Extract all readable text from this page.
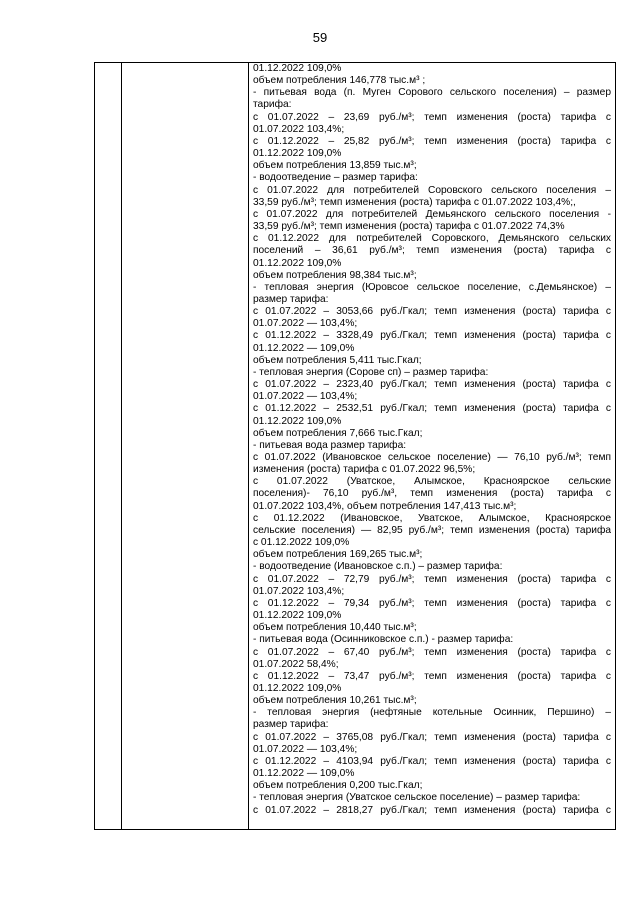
59
01.12.2022 109,0%
объем потребления 146,778 тыс.м³ ;
- питьевая вода (п. Муген Сорового сельского поселения) – размер
тарифа:
с 01.07.2022 – 23,69 руб./м³; темп изменения (роста) тарифа с
01.07.2022 103,4%;
с 01.12.2022 – 25,82 руб./м³; темп изменения (роста) тарифа с
01.12.2022 109,0%
объем потребления 13,859 тыс.м³;
- водоотведение – размер тарифа:
с 01.07.2022 для потребителей Соровского сельского поселения –
33,59 руб./м³; темп изменения (роста) тарифа с 01.07.2022 103,4%;,
с 01.07.2022 для потребителей Демьянского сельского поселения -
33,59 руб./м³; темп изменения (роста) тарифа с 01.07.2022 74,3%
с 01.12.2022 для потребителей Соровского, Демьянского сельских
поселений – 36,61 руб./м³; темп изменения (роста) тарифа с
01.12.2022 109,0%
объем потребления 98,384 тыс.м³;
- тепловая энергия (Юровсое сельское поселение, с.Демьянское) –
размер тарифа:
с 01.07.2022 – 3053,66 руб./Гкал; темп изменения (роста) тарифа с
01.07.2022 — 103,4%;
с 01.12.2022 – 3328,49 руб./Гкал; темп изменения (роста) тарифа с
01.12.2022 — 109,0%
объем потребления 5,411 тыс.Гкал;
- тепловая энергия (Сорове сп) – размер тарифа:
с 01.07.2022 – 2323,40 руб./Гкал; темп изменения (роста) тарифа с
01.07.2022 — 103,4%;
с 01.12.2022 – 2532,51 руб./Гкал; темп изменения (роста) тарифа с
01.12.2022 109,0%
объем потребления 7,666 тыс.Гкал;
- питьевая вода размер тарифа:
с 01.07.2022 (Ивановское сельское поселение) — 76,10 руб./м³; темп
изменения (роста) тарифа с 01.07.2022 96,5%;
с 01.07.2022 (Уватское, Алымское, Красноярское сельские
поселения)- 76,10 руб./м³, темп изменения (роста) тарифа с
01.07.2022 103,4%, объем потребления 147,413 тыс.м³;
с 01.12.2022 (Ивановское, Уватское, Алымское, Красноярское
сельские поселения) — 82,95 руб./м³; темп изменения (роста) тарифа
с 01.12.2022 109,0%
объем потребления 169,265 тыс.м³;
- водоотведение (Ивановское с.п.) – размер тарифа:
с 01.07.2022 – 72,79 руб./м³; темп изменения (роста) тарифа с
01.07.2022 103,4%;
с 01.12.2022 – 79,34 руб./м³; темп изменения (роста) тарифа с
01.12.2022 109,0%
объем потребления 10,440 тыс.м³;
- питьевая вода (Осинниковское с.п.) - размер тарифа:
с 01.07.2022 – 67,40 руб./м³; темп изменения (роста) тарифа с
01.07.2022 58,4%;
с 01.12.2022 – 73,47 руб./м³; темп изменения (роста) тарифа с
01.12.2022 109,0%
объем потребления 10,261 тыс.м³;
- тепловая энергия (нефтяные котельные Осинник, Першино) –
размер тарифа:
с 01.07.2022 – 3765,08 руб./Гкал; темп изменения (роста) тарифа с
01.07.2022 — 103,4%;
с 01.12.2022 – 4103,94 руб./Гкал; темп изменения (роста) тарифа с
01.12.2022 — 109,0%
объем потребления 0,200 тыс.Гкал;
- тепловая энергия (Уватское сельское поселение) – размер тарифа:
с 01.07.2022 – 2818,27 руб./Гкал; темп изменения (роста) тарифа с
